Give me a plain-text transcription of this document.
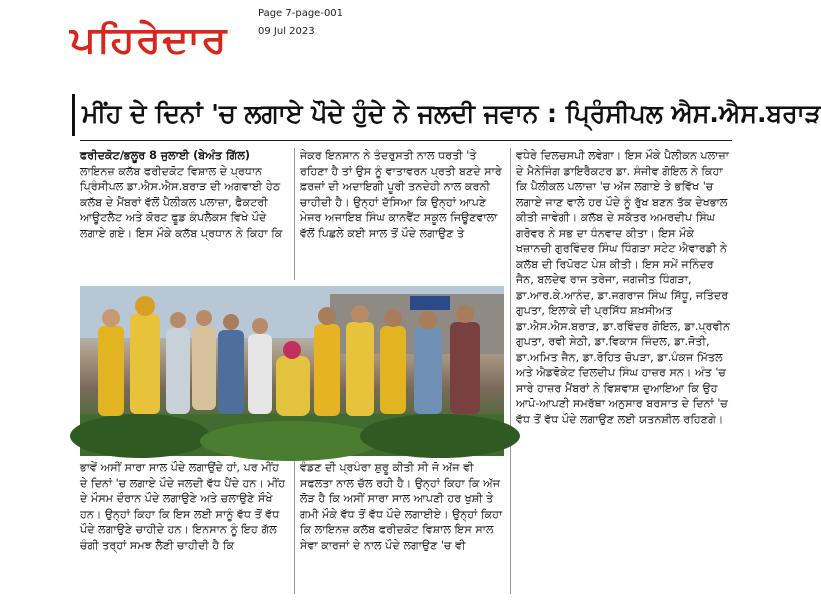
ਪਹਿਰੇਦਾਰ
Page 7-page-001
09 Jul 2023
ਮੀਂਹ ਦੇ ਦਿਨਾਂ 'ਚ ਲਗਾਏ ਪੌਦੇ ਹੁੰਦੇ ਨੇ ਜਲਦੀ ਜਵਾਨ : ਪ੍ਰਿੰਸੀਪਲ ਐਸ.ਐਸ.ਬਰਾੜ

ਫਰੀਦਕੋਟ/ਭਲੂਰ 8 ਜੁਲਾਈ (ਬੇਅੰਤ ਗਿੱਲ)

ਲਾਇਨਜ਼ ਕਲੱਬ ਫਰੀਦਕੋਟ ਵਿਸ਼ਾਲ ਦੇ ਪ੍ਰਧਾਨ ਪ੍ਰਿੰਸੀਪਲ ਡਾ.ਐਸ.ਐਸ.ਬਰਾੜ ਦੀ ਅਗਵਾਈ ਹੇਠ ਕਲੱਬ ਦੇ ਮੈਂਬਰਾਂ ਵੱਲੋਂ ਪੈਲੀਕਲ ਪਲਾਜ਼ਾ, ਫੈਕਟਰੀ ਆਊਟਲੈਟ ਅਤੇ ਕੋਰਟ ਫੂਡ ਕੰਪਲੈਕਸ ਵਿਖੇ ਪੌਦੇ ਲਗਾਏ ਗਏ। ਇਸ ਮੌਕੇ ਕਲੱਬ ਪ੍ਰਧਾਨ ਨੇ ਕਿਹਾ ਕਿ

ਜੇਕਰ ਇਨਸਾਨ ਨੇ ਤੰਦਰੁਸਤੀ ਨਾਲ ਧਰਤੀ 'ਤੇ ਰਹਿਣਾ ਹੈ ਤਾਂ ਉਸ ਨੂੰ ਵਾਤਾਵਰਨ ਪ੍ਰਤੀ ਬਣਦੇ ਸਾਰੇ ਫ਼ਰਜ਼ਾਂ ਦੀ ਅਦਾਇਗੀ ਪੂਰੀ ਤਨਦੇਹੀ ਨਾਲ ਕਰਨੀ ਚਾਹੀਦੀ ਹੈ। ਉਨ੍ਹਾਂ ਦੱਸਿਆ ਕਿ ਉਨ੍ਹਾਂ ਆਪਣੇ ਮੇਜਰ ਅਜਾਇਬ ਸਿੰਘ ਕਾਨਵੈਂਟ ਸਕੂਲ ਜਿਊਣਵਾਲਾ ਵੱਲੋਂ ਪਿਛਲੇ ਕਈ ਸਾਲ ਤੋਂ ਪੌਦੇ ਲਗਾਉਣ ਤੇ

ਭਾਵੇਂ ਅਸੀਂ ਸਾਰਾ ਸਾਲ ਪੌਦੇ ਲਗਾਉਂਦੇ ਹਾਂ, ਪਰ ਮੀਂਹ ਦੇ ਦਿਨਾਂ 'ਚ ਲਗਾਏ ਪੌਦੇ ਜਲਦੀ ਵੱਧ ਪੈਂਦੇ ਹਨ। ਮੀਂਹ ਦੇ ਮੌਸਮ ਦੌਰਾਨ ਪੌਦੇ ਲਗਾਉਣੇ ਅਤੇ ਚਲਾਉਣੇ ਸੌਖੇ ਹਨ। ਉਨ੍ਹਾਂ ਕਿਹਾ ਕਿ ਇਸ ਲਈ ਸਾਨੂੰ ਵੱਧ ਤੋਂ ਵੱਧ ਪੌਦੇ ਲਗਾਉਣੇ ਚਾਹੀਦੇ ਹਨ। ਇਨਸਾਨ ਨੂੰ ਇਹ ਗੱਲ ਚੰਗੀ ਤਰ੍ਹਾਂ ਸਮਝ ਲੈਣੀ ਚਾਹੀਦੀ ਹੈ ਕਿ

ਵੰਡਣ ਦੀ ਪ੍ਰਪੰਰਾ ਸ਼ੁਰੂ ਕੀਤੀ ਸੀ ਜੋ ਅੱਜ ਵੀ ਸਫਲਤਾ ਨਾਲ ਚੱਲ ਰਹੀ ਹੈ। ਉਨ੍ਹਾਂ ਕਿਹਾ ਕਿ ਅੱਜ ਲੋੜ ਹੈ ਕਿ ਅਸੀਂ ਸਾਰਾ ਸਾਲ ਆਪਣੀ ਹਰ ਖੁਸ਼ੀ ਤੇ ਗਮੀ ਮੌਕੇ ਵੱਧ ਤੋਂ ਵੱਧ ਪੌਦੇ ਲਗਾਈਏ। ਉਨ੍ਹਾਂ ਕਿਹਾ ਕਿ ਲਾਇਨਜ਼ ਕਲੱਬ ਫਰੀਦਕੋਟ ਵਿਸ਼ਾਲ ਇਸ ਸਾਲ ਸੇਵਾ ਕਾਰਜਾਂ ਦੇ ਨਾਲ ਪੌਦੇ ਲਗਾਉਣ 'ਚ ਵੀ

ਵਧੇਰੇ ਦਿਲਚਸਪੀ ਲਵੇਗਾ। ਇਸ ਮੌਕੇ ਪੈਲੀਕਨ ਪਲਾਜ਼ਾ ਦੇ ਮੈਨੇਜਿੰਗ ਡਾਇਰੈਕਟਰ ਡਾ. ਸੰਜੀਵ ਗੋਇਲ ਨੇ ਕਿਹਾ ਕਿ ਪੈਲੀਕਲ ਪਲਾਜ਼ਾ 'ਚ ਅੱਜ ਲਗਾਏ ਤੇ ਭਵਿੱਖ 'ਚ ਲਗਾਏ ਜਾਣ ਵਾਲੇ ਹਰ ਪੌਦੇ ਨੂੰ ਰੁੱਖ ਬਣਨ ਤੱਕ ਦੇਖਭਾਲ ਕੀਤੀ ਜਾਵੇਗੀ। ਕਲੱਬ ਦੇ ਸਕੱਤਰ ਅਮਰਦੀਪ ਸਿੰਘ ਗਰੋਵਰ ਨੇ ਸਭ ਦਾ ਧੰਨਵਾਦ ਕੀਤਾ। ਇਸ ਮੌਕੇ ਖਜ਼ਾਨਚੀ ਗੁਰਵਿੰਦਰ ਸਿੰਘ ਧਿੰਗੜਾ ਸਟੇਟ ਐਵਾਰਡੀ ਨੇ ਕਲੱਬ ਦੀ ਰਿਪੋਰਟ ਪੇਸ਼ ਕੀਤੀ। ਇਸ ਸਮੇਂ ਜਨਿੰਦਰ ਜੈਨ, ਬਲਦੇਵ ਰਾਜ ਤਰੇਜਾ, ਜਗਜੀਤ ਧਿੰਗੜਾ, ਡਾ.ਆਰ.ਕੇ.ਆਨੰਦ, ਡਾ.ਜਗਰਾਜ ਸਿੰਘ ਸਿੱਧੂ, ਜਤਿੰਦਰ ਗੁਪਤਾ, ਇਲਾਕੇ ਦੀ ਪ੍ਰਸਿੱਧ ਸ਼ਖ਼ਸੀਅਤ ਡਾ.ਐਸ.ਐਸ.ਬਰਾੜ, ਡਾ.ਰਵਿੰਦਰ ਗੋਇਲ, ਡਾ.ਪ੍ਰਵੀਨ ਗੁਪਤਾ, ਰਵੀ ਸੇਠੀ, ਡਾ.ਵਿਕਾਸ ਜਿੰਦਲ, ਡਾ.ਜੋਤੀ, ਡਾ.ਅਮਿਤ ਜੈਨ, ਡਾ.ਰੋਹਿਤ ਚੋਪੜਾ, ਡਾ.ਪੰਕਜ ਮਿੱਤਲ ਅਤੇ ਐਡਵੋਕੇਟ ਦਿਲਦੀਪ ਸਿੰਘ ਹਾਜ਼ਰ ਸਨ। ਅੰਤ 'ਚ ਸਾਰੇ ਹਾਜ਼ਰ ਮੈਂਬਰਾਂ ਨੇ ਵਿਸ਼ਵਾਸ਼ ਦੁਆਇਆ ਕਿ ਉਹ ਆਪੋ-ਆਪਣੀ ਸਮਰੱਥਾ ਅਨੁਸਾਰ ਬਰਸਾਤ ਦੇ ਦਿਨਾਂ 'ਚ ਵੱਧ ਤੋਂ ਵੱਧ ਪੌਦੇ ਲਗਾਉਣ ਲਈ ਯਤਨਸ਼ੀਲ ਰਹਿਣਗੇ।
